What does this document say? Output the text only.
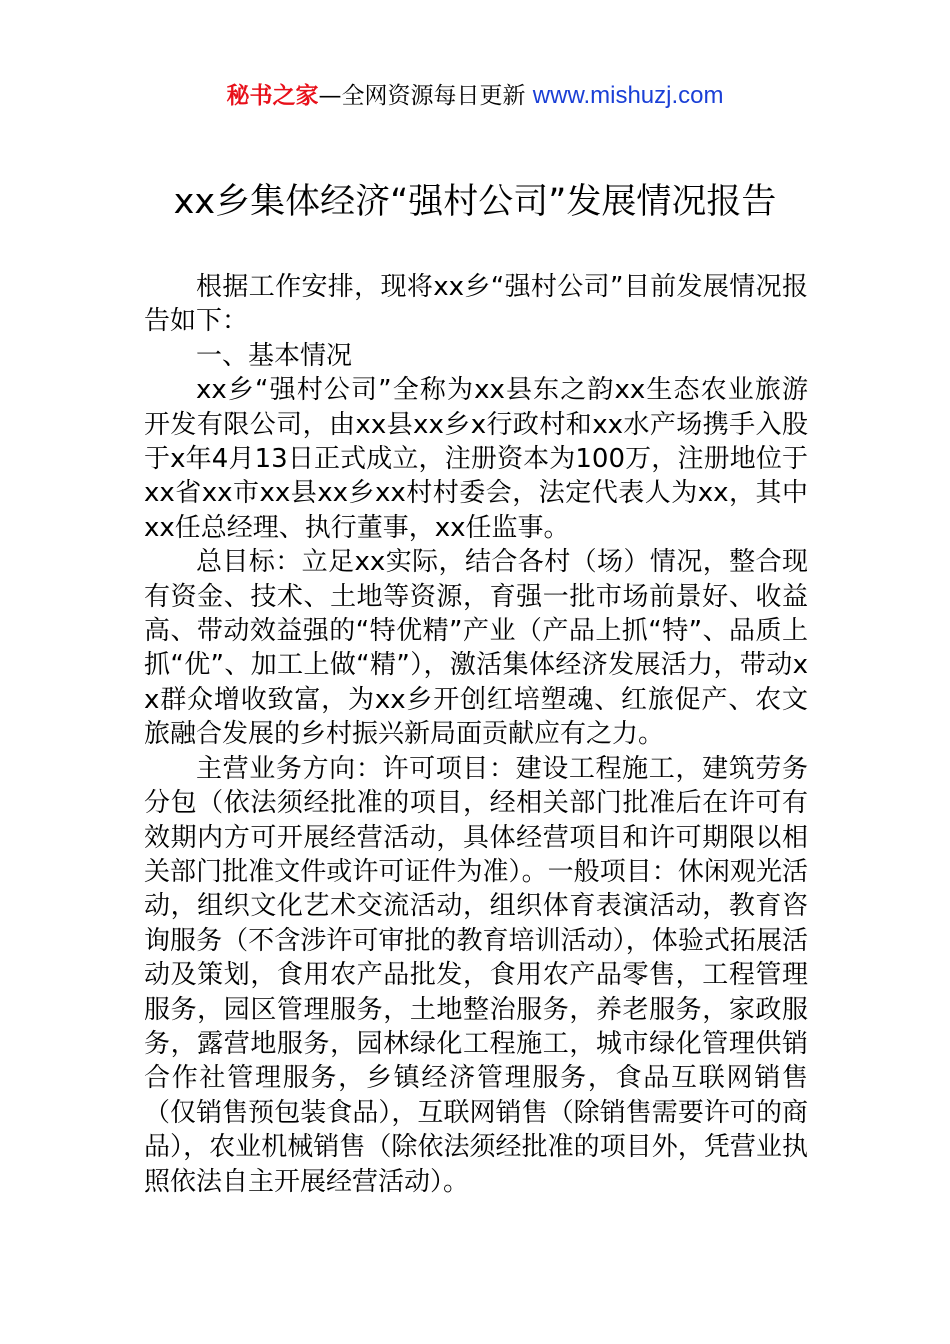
秘书之家—全网资源每日更新 www.mishuzj.com
xx乡集体经济“强村公司”发展情况报告

根据工作安排，现将xx乡“强村公司”目前发展情况报告如下：

一、基本情况

xx乡“强村公司”全称为xx县东之韵xx生态农业旅游开发有限公司，由xx县xx乡x行政村和xx水产场携手入股于x年4月13日正式成立，注册资本为100万，注册地位于xx省xx市xx县xx乡xx村村委会，法定代表人为xx，其中xx任总经理、执行董事，xx任监事。

总目标：立足xx实际，结合各村（场）情况，整合现有资金、技术、土地等资源，育强一批市场前景好、收益高、带动效益强的“特优精”产业（产品上抓“特”、品质上抓“优”、加工上做“精”），激活集体经济发展活力，带动xx群众增收致富，为xx乡开创红培塑魂、红旅促产、农文旅融合发展的乡村振兴新局面贡献应有之力。

主营业务方向：许可项目：建设工程施工，建筑劳务分包（依法须经批准的项目，经相关部门批准后在许可有效期内方可开展经营活动，具体经营项目和许可期限以相关部门批准文件或许可证件为准）。一般项目：休闲观光活动，组织文化艺术交流活动，组织体育表演活动，教育咨询服务（不含涉许可审批的教育培训活动），体验式拓展活动及策划，食用农产品批发，食用农产品零售，工程管理服务，园区管理服务，土地整治服务，养老服务，家政服务，露营地服务，园林绿化工程施工，城市绿化管理供销合作社管理服务，乡镇经济管理服务，食品互联网销售（仅销售预包装食品），互联网销售（除销售需要许可的商品），农业机械销售（除依法须经批准的项目外，凭营业执照依法自主开展经营活动）。
